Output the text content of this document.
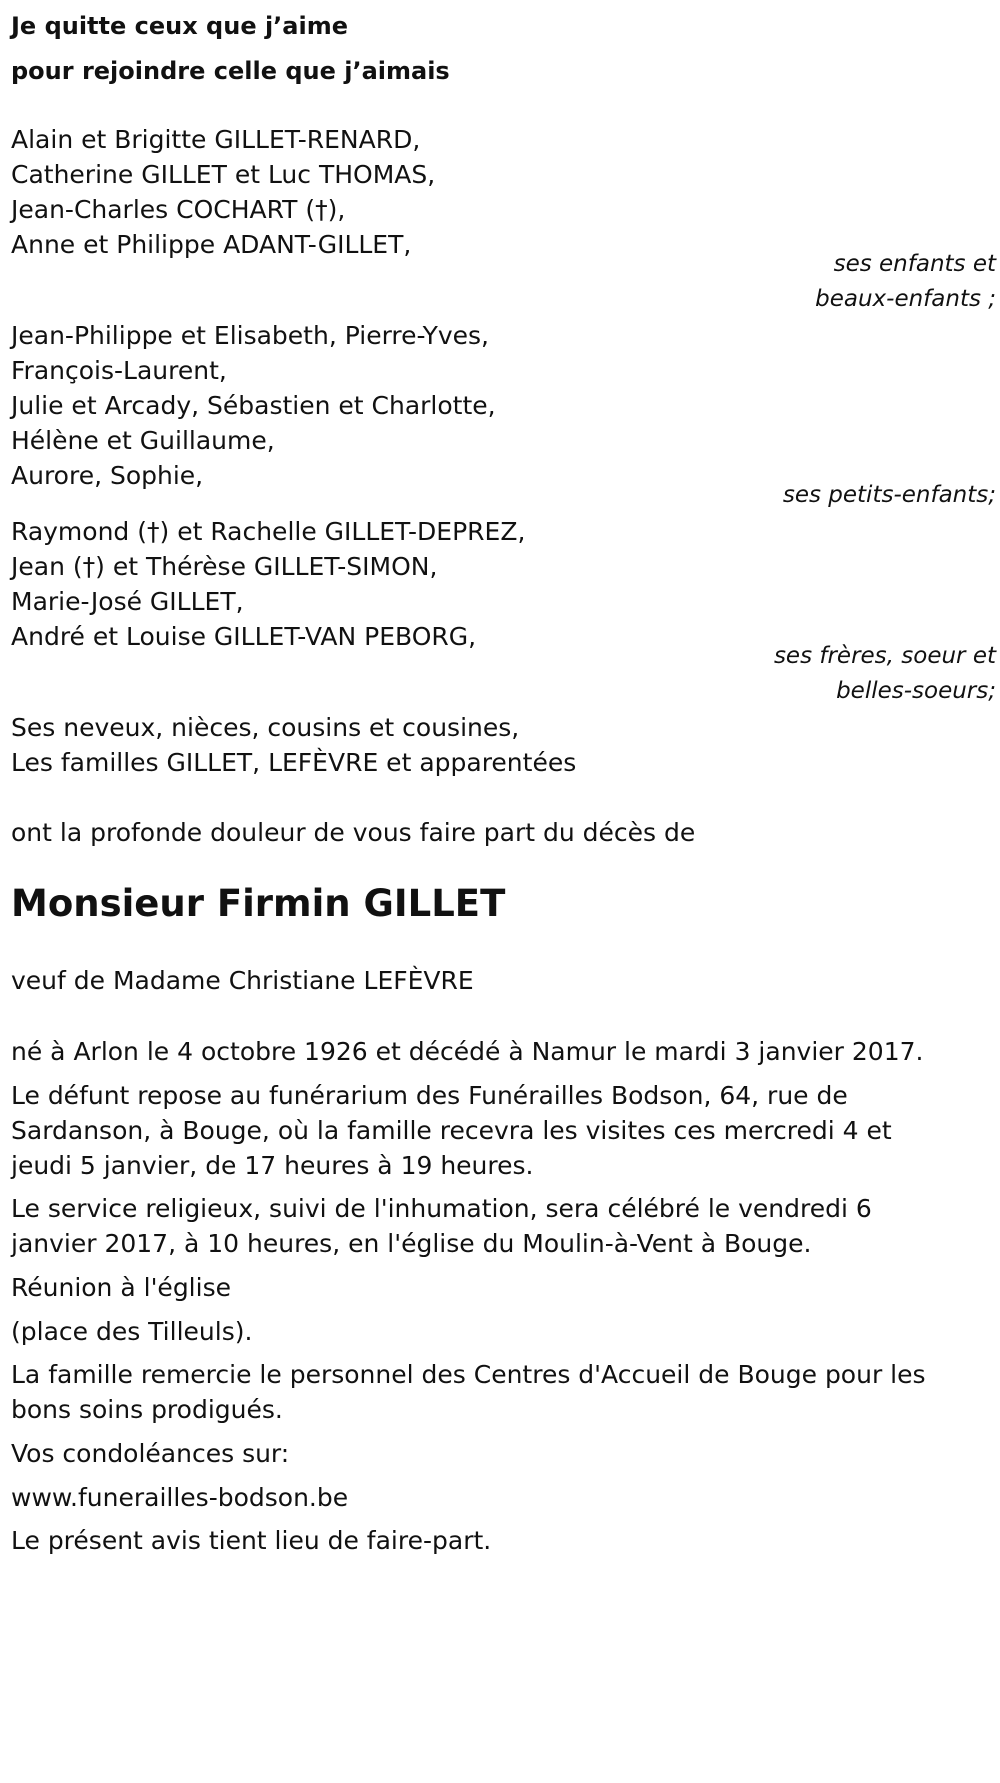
Je quitte ceux que j’aime
pour rejoindre celle que j’aimais
Alain et Brigitte GILLET-RENARD,
Catherine GILLET et Luc THOMAS,
Jean-Charles COCHART (†),
Anne et Philippe ADANT-GILLET,
ses enfants et
beaux-enfants ;
Jean-Philippe et Elisabeth, Pierre-Yves,
François-Laurent,
Julie et Arcady, Sébastien et Charlotte,
Hélène et Guillaume,
Aurore, Sophie,
ses petits-enfants;
Raymond (†) et Rachelle GILLET-DEPREZ,
Jean (†) et Thérèse GILLET-SIMON,
Marie-José GILLET,
André et Louise GILLET-VAN PEBORG,
ses frères, soeur et
belles-soeurs;
Ses neveux, nièces, cousins et cousines,
Les familles GILLET, LEFÈVRE et apparentées
ont la profonde douleur de vous faire part du décès de
Monsieur Firmin GILLET
veuf de Madame Christiane LEFÈVRE
né à Arlon le 4 octobre 1926 et décédé à Namur le mardi 3 janvier 2017.
Le défunt repose au funérarium des Funérailles Bodson, 64, rue de
Sardanson, à Bouge, où la famille recevra les visites ces mercredi 4 et
jeudi 5 janvier, de 17 heures à 19 heures.
Le service religieux, suivi de l'inhumation, sera célébré le vendredi 6
janvier 2017, à 10 heures, en l'église du Moulin-à-Vent à Bouge.
Réunion à l'église
(place des Tilleuls).
La famille remercie le personnel des Centres d'Accueil de Bouge pour les
bons soins prodigués.
Vos condoléances sur:
www.funerailles-bodson.be
Le présent avis tient lieu de faire-part.
